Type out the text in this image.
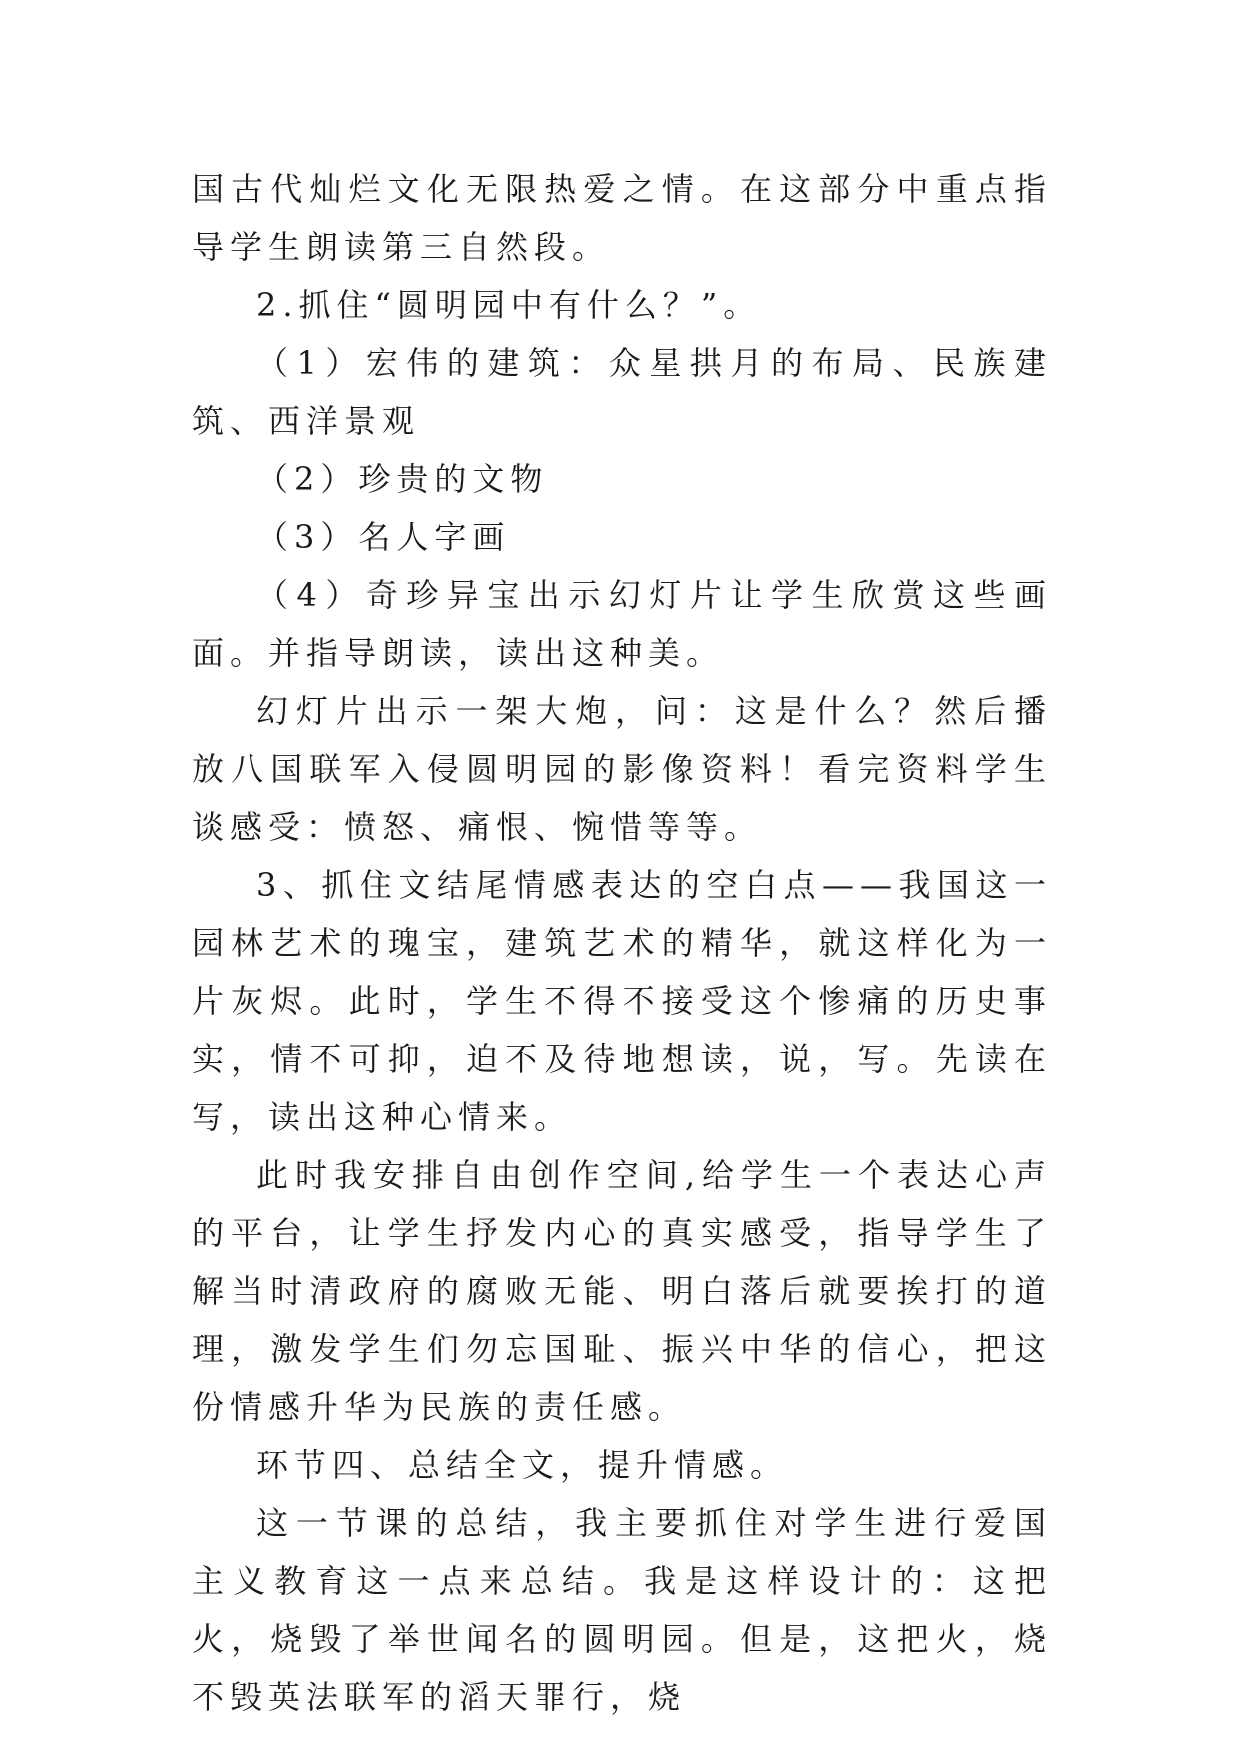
国古代灿烂文化无限热爱之情。在这部分中重点指导学生朗读第三自然段。

2.抓住“圆明园中有什么？”。

（1）宏伟的建筑：众星拱月的布局、民族建筑、西洋景观

（2）珍贵的文物

（3）名人字画

（4）奇珍异宝出示幻灯片让学生欣赏这些画面。并指导朗读，读出这种美。

幻灯片出示一架大炮，问：这是什么？然后播放八国联军入侵圆明园的影像资料！看完资料学生谈感受：愤怒、痛恨、惋惜等等。

3、抓住文结尾情感表达的空白点——我国这一园林艺术的瑰宝，建筑艺术的精华，就这样化为一片灰烬。此时，学生不得不接受这个惨痛的历史事实，情不可抑，迫不及待地想读，说，写。先读在写，读出这种心情来。

此时我安排自由创作空间,给学生一个表达心声的平台，让学生抒发内心的真实感受，指导学生了解当时清政府的腐败无能、明白落后就要挨打的道理，激发学生们勿忘国耻、振兴中华的信心，把这份情感升华为民族的责任感。

环节四、总结全文，提升情感。

这一节课的总结，我主要抓住对学生进行爱国主义教育这一点来总结。我是这样设计的：这把火，烧毁了举世闻名的圆明园。但是，这把火，烧不毁英法联军的滔天罪行，烧
